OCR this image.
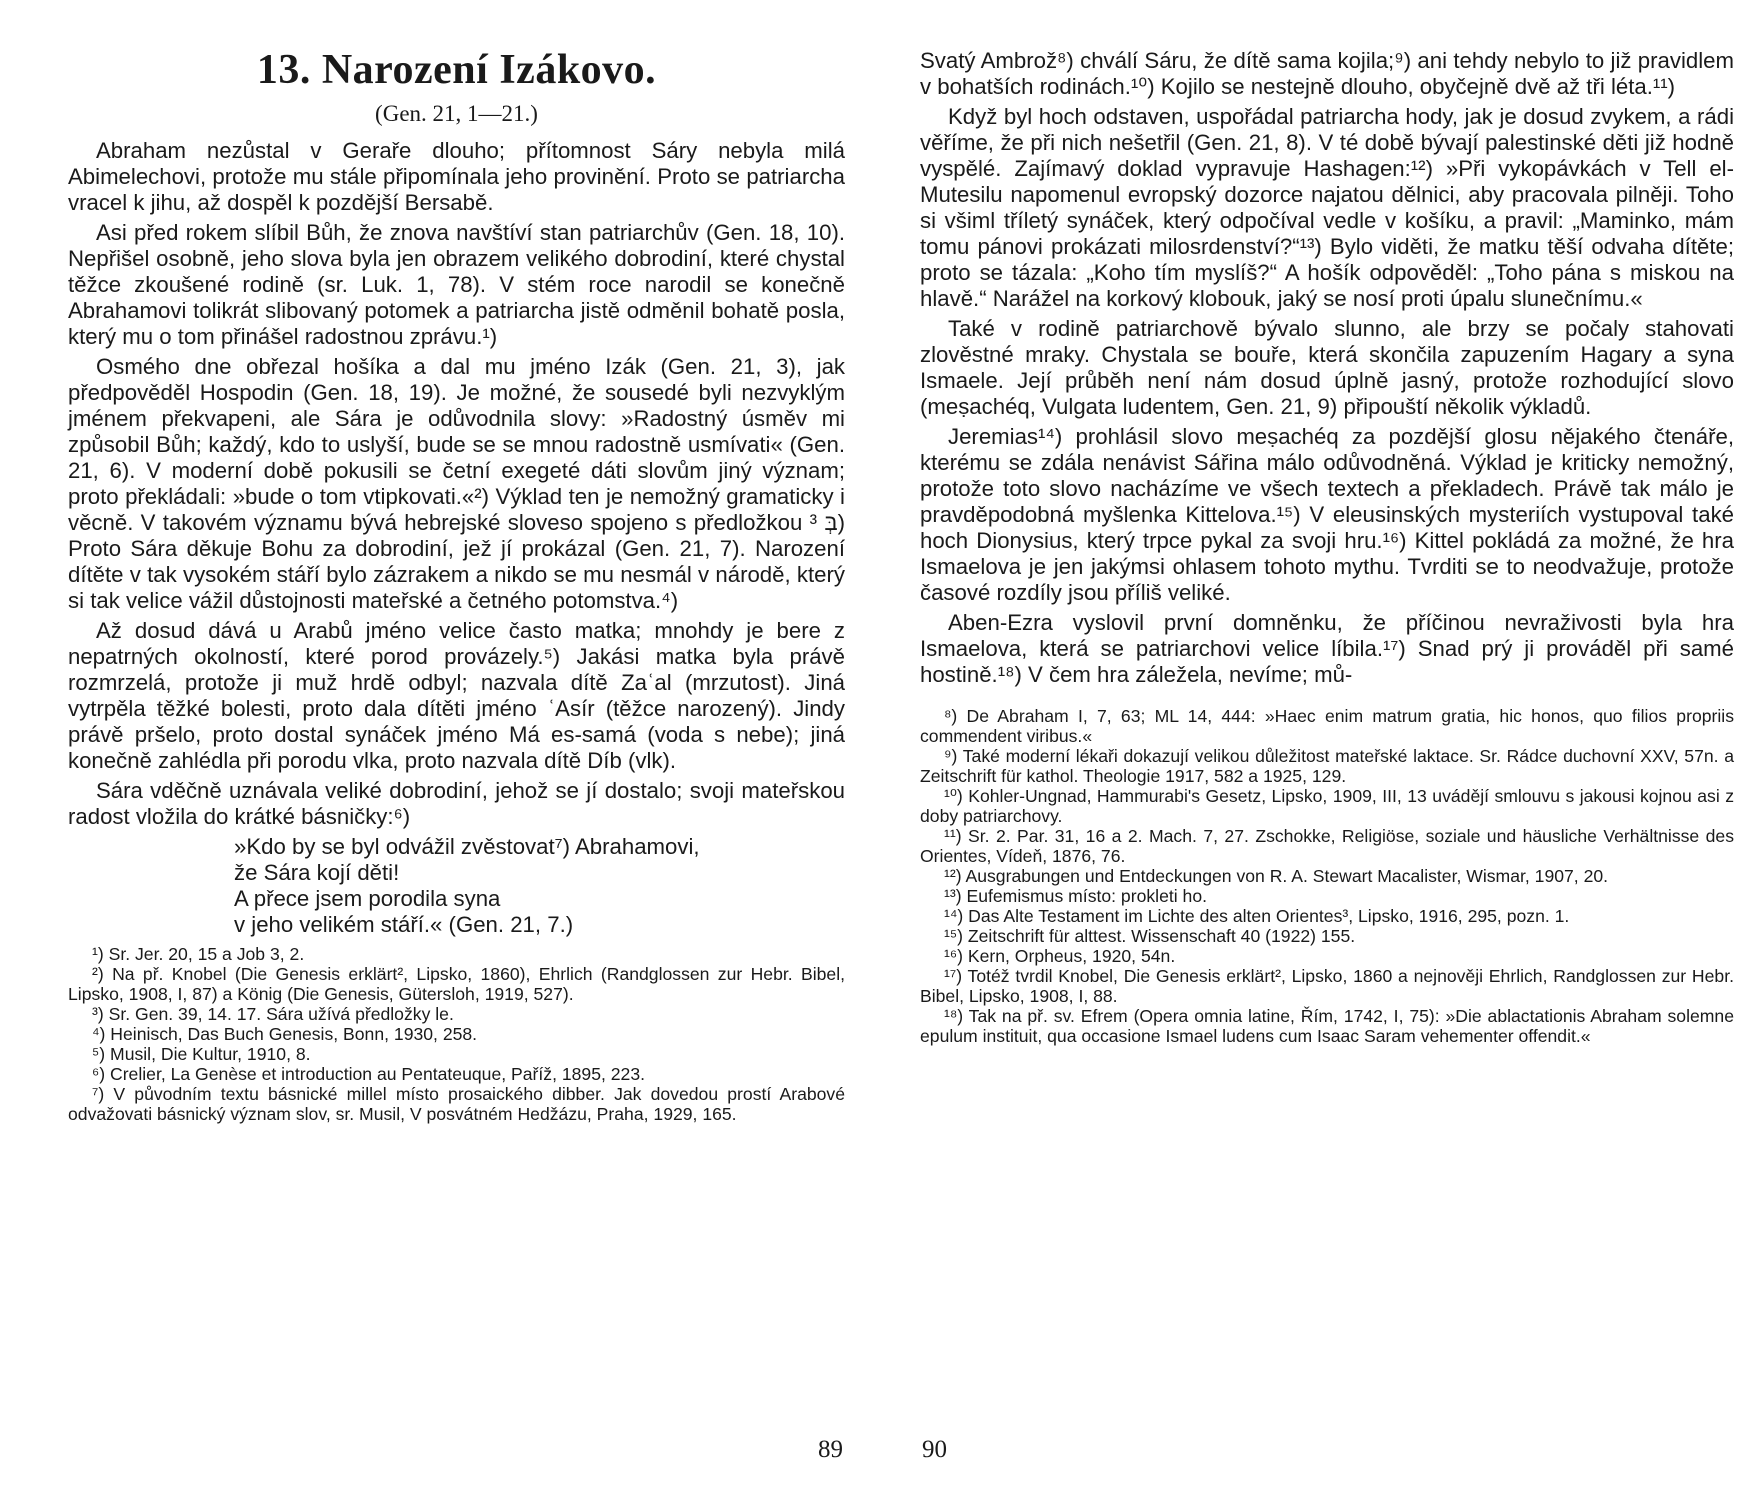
13. Narození Izákovo.
(Gen. 21, 1—21.)

Abraham nezůstal v Geraře dlouho; přítomnost Sáry nebyla milá Abimelechovi, protože mu stále připomínala jeho provinění. Proto se patriarcha vracel k jihu, až dospěl k pozdější Bersabě.

Asi před rokem slíbil Bůh, že znova navštíví stan patriarchův (Gen. 18, 10). Nepřišel osobně, jeho slova byla jen obrazem velikého dobrodiní, které chystal těžce zkoušené rodině (sr. Luk. 1, 78). V stém roce narodil se konečně Abrahamovi tolikrát slibovaný potomek a patriarcha jistě odměnil bohatě posla, který mu o tom přinášel radostnou zprávu.¹)

Osmého dne obřezal hošíka a dal mu jméno Izák (Gen. 21, 3), jak předpověděl Hospodin (Gen. 18, 19). Je možné, že sousedé byli nezvyklým jménem překvapeni, ale Sára je odůvodnila slovy: »Radostný úsměv mi způsobil Bůh; každý, kdo to uslyší, bude se se mnou radostně usmívati« (Gen. 21, 6). V moderní době pokusili se četní exegeté dáti slovům jiný význam; proto překládali: »bude o tom vtipkovati.«²) Výklad ten je nemožný gramaticky i věcně. V takovém významu bývá hebrejské sloveso spojeno s předložkou בְּ ³) Proto Sára děkuje Bohu za dobrodiní, jež jí prokázal (Gen. 21, 7). Narození dítěte v tak vysokém stáří bylo zázrakem a nikdo se mu nesmál v národě, který si tak velice vážil důstojnosti mateřské a četného potomstva.⁴)

Až dosud dává u Arabů jméno velice často matka; mnohdy je bere z nepatrných okolností, které porod provázely.⁵) Jakási matka byla právě rozmrzelá, protože ji muž hrdě odbyl; nazvala dítě Zaʿal (mrzutost). Jiná vytrpěla těžké bolesti, proto dala dítěti jméno ʿAsír (těžce narozený). Jindy právě pršelo, proto dostal synáček jméno Má es-samá (voda s nebe); jiná konečně zahlédla při porodu vlka, proto nazvala dítě Díb (vlk).

Sára vděčně uznávala veliké dobrodiní, jehož se jí dostalo; svoji mateřskou radost vložila do krátké básničky:⁶)

»Kdo by se byl odvážil zvěstovat⁷) Abrahamovi,
že Sára kojí děti!
A přece jsem porodila syna
v jeho velikém stáří.« (Gen. 21, 7.)

¹) Sr. Jer. 20, 15 a Job 3, 2.

²) Na př. Knobel (Die Genesis erklärt², Lipsko, 1860), Ehrlich (Randglossen zur Hebr. Bibel, Lipsko, 1908, I, 87) a König (Die Genesis, Gütersloh, 1919, 527).

³) Sr. Gen. 39, 14. 17. Sára užívá předložky le.

⁴) Heinisch, Das Buch Genesis, Bonn, 1930, 258.

⁵) Musil, Die Kultur, 1910, 8.

⁶) Crelier, La Genèse et introduction au Pentateuque, Paříž, 1895, 223.

⁷) V původním textu básnické millel místo prosaického dibber. Jak dovedou prostí Arabové odvažovati básnický význam slov, sr. Musil, V posvátném Hedžázu, Praha, 1929, 165.

Svatý Ambrož⁸) chválí Sáru, že dítě sama kojila;⁹) ani tehdy nebylo to již pravidlem v bohatších rodinách.¹⁰) Kojilo se nestejně dlouho, obyčejně dvě až tři léta.¹¹)

Když byl hoch odstaven, uspořádal patriarcha hody, jak je dosud zvykem, a rádi věříme, že při nich nešetřil (Gen. 21, 8). V té době bývají palestinské děti již hodně vyspělé. Zajímavý doklad vypravuje Hashagen:¹²) »Při vykopávkách v Tell el-Mutesilu napomenul evropský dozorce najatou dělnici, aby pracovala pilněji. Toho si všiml tříletý synáček, který odpočíval vedle v košíku, a pravil: „Maminko, mám tomu pánovi prokázati milosrdenství?“¹³) Bylo viděti, že matku těší odvaha dítěte; proto se tázala: „Koho tím myslíš?“ A hošík odpověděl: „Toho pána s miskou na hlavě.“ Narážel na korkový klobouk, jaký se nosí proti úpalu slunečnímu.«

Také v rodině patriarchově bývalo slunno, ale brzy se počaly stahovati zlověstné mraky. Chystala se bouře, která skončila zapuzením Hagary a syna Ismaele. Její průběh není nám dosud úplně jasný, protože rozhodující slovo (meṣachéq, Vulgata ludentem, Gen. 21, 9) připouští několik výkladů.

Jeremias¹⁴) prohlásil slovo meṣachéq za pozdější glosu nějakého čtenáře, kterému se zdála nenávist Sářina málo odůvodněná. Výklad je kriticky nemožný, protože toto slovo nacházíme ve všech textech a překladech. Právě tak málo je pravděpodobná myšlenka Kittelova.¹⁵) V eleusinských mysteriích vystupoval také hoch Dionysius, který trpce pykal za svoji hru.¹⁶) Kittel pokládá za možné, že hra Ismaelova je jen jakýmsi ohlasem tohoto mythu. Tvrditi se to neodvažuje, protože časové rozdíly jsou příliš veliké.

Aben-Ezra vyslovil první domněnku, že příčinou nevraživosti byla hra Ismaelova, která se patriarchovi velice líbila.¹⁷) Snad prý ji prováděl při samé hostině.¹⁸) V čem hra záležela, nevíme; mů-

⁸) De Abraham I, 7, 63; ML 14, 444: »Haec enim matrum gratia, hic honos, quo filios propriis commendent viribus.«

⁹) Také moderní lékaři dokazují velikou důležitost mateřské laktace. Sr. Rádce duchovní XXV, 57n. a Zeitschrift für kathol. Theologie 1917, 582 a 1925, 129.

¹⁰) Kohler-Ungnad, Hammurabi's Gesetz, Lipsko, 1909, III, 13 uvádějí smlouvu s jakousi kojnou asi z doby patriarchovy.

¹¹) Sr. 2. Par. 31, 16 a 2. Mach. 7, 27. Zschokke, Religiöse, soziale und häusliche Verhältnisse des Orientes, Vídeň, 1876, 76.

¹²) Ausgrabungen und Entdeckungen von R. A. Stewart Macalister, Wismar, 1907, 20.

¹³) Eufemismus místo: prokleti ho.

¹⁴) Das Alte Testament im Lichte des alten Orientes³, Lipsko, 1916, 295, pozn. 1.

¹⁵) Zeitschrift für alttest. Wissenschaft 40 (1922) 155.

¹⁶) Kern, Orpheus, 1920, 54n.

¹⁷) Totéž tvrdil Knobel, Die Genesis erklärt², Lipsko, 1860 a nejnověji Ehrlich, Randglossen zur Hebr. Bibel, Lipsko, 1908, I, 88.

¹⁸) Tak na př. sv. Efrem (Opera omnia latine, Řím, 1742, I, 75): »Die ablactationis Abraham solemne epulum instituit, qua occasione Ismael ludens cum Isaac Saram vehementer offendit.«

89	90
